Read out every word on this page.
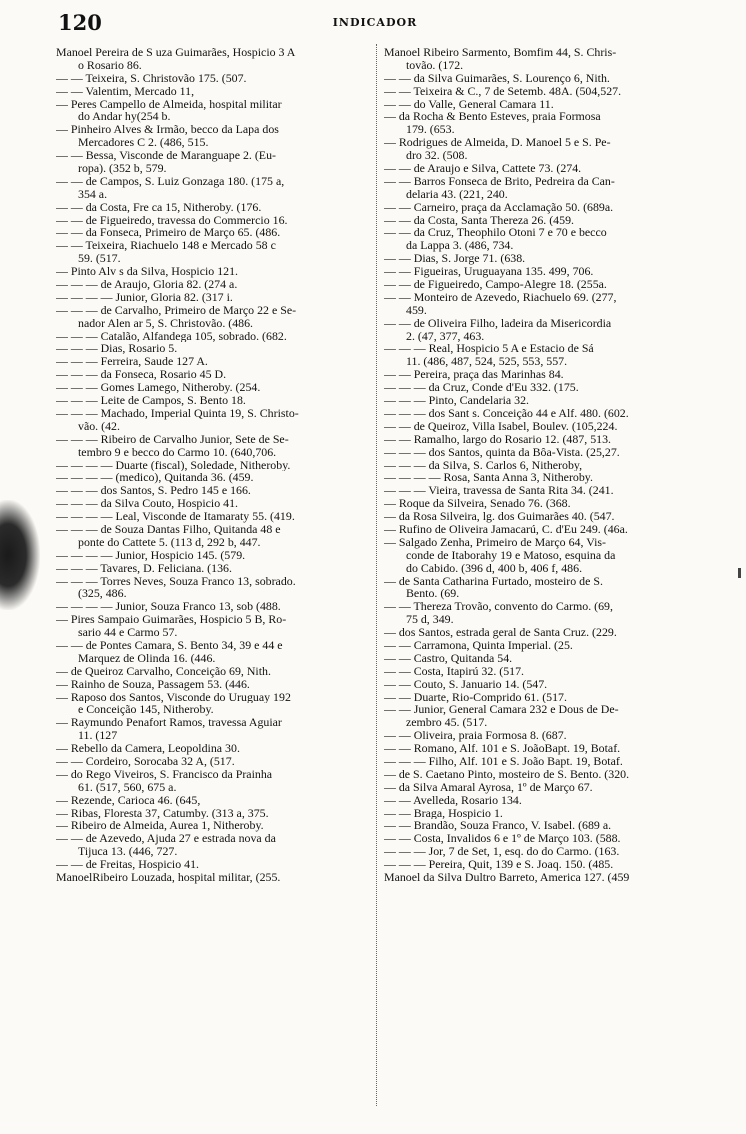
120	INDICADOR
Manoel Pereira de S uza Guimarães, Hospicio 3 A
o Rosario 86.
— — Teixeira, S. Christovão 175. (507.
— — Valentim, Mercado 11,
— Peres Campello de Almeida, hospital militar
do Andar hy(254 b.
— Pinheiro Alves & Irmão, becco da Lapa dos
Mercadores C 2. (486, 515.
— — Bessa, Visconde de Maranguape 2. (Eu-
ropa). (352 b, 579.
— — de Campos, S. Luiz Gonzaga 180. (175 a,
354 a.
— — da Costa, Fre ca 15, Nitheroby. (176.
— — de Figueiredo, travessa do Commercio 16.
— — da Fonseca, Primeiro de Março 65. (486.
— — Teixeira, Riachuelo 148 e Mercado 58 c
59. (517.
— Pinto Alv s da Silva, Hospicio 121.
— — — de Araujo, Gloria 82. (274 a.
— — — — Junior, Gloria 82. (317 i.
— — — de Carvalho, Primeiro de Março 22 e Se-
nador Alen ar 5, S. Christovão. (486.
— — — Catalão, Alfandega 105, sobrado. (682.
— — — Dias, Rosario 5.
— — — Ferreira, Saude 127 A.
— — — da Fonseca, Rosario 45 D.
— — — Gomes Lamego, Nitheroby. (254.
— — — Leite de Campos, S. Bento 18.
— — — Machado, Imperial Quinta 19, S. Christo-
vão. (42.
— — — Ribeiro de Carvalho Junior, Sete de Se-
tembro 9 e becco do Carmo 10. (640,706.
— — — — Duarte (fiscal), Soledade, Nitheroby.
— — — — (medico), Quitanda 36. (459.
— — — dos Santos, S. Pedro 145 e 166.
— — — da Silva Couto, Hospicio 41.
— — — — Leal, Visconde de Itamaraty 55. (419.
— — — de Souza Dantas Filho, Quitanda 48 e
ponte do Cattete 5. (113 d, 292 b, 447.
— — — — Junior, Hospicio 145. (579.
— — — Tavares, D. Feliciana. (136.
— — — Torres Neves, Souza Franco 13, sobrado.
(325, 486.
— — — — Junior, Souza Franco 13, sob (488.
— Pires Sampaio Guimarães, Hospicio 5 B, Ro-
sario 44 e Carmo 57.
— — de Pontes Camara, S. Bento 34, 39 e 44 e
Marquez de Olinda 16. (446.
— de Queiroz Carvalho, Conceição 69, Nith.
— Rainho de Souza, Passagem 53. (446.
— Raposo dos Santos, Visconde do Uruguay 192
e Conceição 145, Nitheroby.
— Raymundo Penafort Ramos, travessa Aguiar
11. (127
— Rebello da Camera, Leopoldina 30.
— — Cordeiro, Sorocaba 32 A, (517.
— do Rego Viveiros, S. Francisco da Prainha
61. (517, 560, 675 a.
— Rezende, Carioca 46. (645,
— Ribas, Floresta 37, Catumby. (313 a, 375.
— Ribeiro de Almeida, Aurea 1, Nitheroby.
— — de Azevedo, Ajuda 27 e estrada nova da
Tijuca 13. (446, 727.
— — de Freitas, Hospicio 41.
ManoelRibeiro Louzada, hospital militar, (255.
Manoel Ribeiro Sarmento, Bomfim 44, S. Chris-
tovão. (172.
— — da Silva Guimarães, S. Lourenço 6, Nith.
— — Teixeira & C., 7 de Setemb. 48A. (504,527.
— — do Valle, General Camara 11.
— da Rocha & Bento Esteves, praia Formosa
179. (653.
— Rodrigues de Almeida, D. Manoel 5 e S. Pe-
dro 32. (508.
— — de Araujo e Silva, Cattete 73. (274.
— — Barros Fonseca de Brito, Pedreira da Can-
delaria 43. (221, 240.
— — Carneiro, praça da Acclamação 50. (689a.
— — da Costa, Santa Thereza 26. (459.
— — da Cruz, Theophilo Otoni 7 e 70 e becco
da Lappa 3. (486, 734.
— — Dias, S. Jorge 71. (638.
— — Figueiras, Uruguayana 135. 499, 706.
— — de Figueiredo, Campo-Alegre 18. (255a.
— — Monteiro de Azevedo, Riachuelo 69. (277,
459.
— — de Oliveira Filho, ladeira da Misericordia
2. (47, 377, 463.
— — — Real, Hospicio 5 A e Estacio de Sá
11. (486, 487, 524, 525, 553, 557.
— — Pereira, praça das Marinhas 84.
— — — da Cruz, Conde d'Eu 332. (175.
— — — Pinto, Candelaria 32.
— — — dos Sant s. Conceição 44 e Alf. 480. (602.
— — de Queiroz, Villa Isabel, Boulev. (105,224.
— — Ramalho, largo do Rosario 12. (487, 513.
— — — dos Santos, quinta da Bôa-Vista. (25,27.
— — — da Silva, S. Carlos 6, Nitheroby,
— — — — Rosa, Santa Anna 3, Nitheroby.
— — — Vieira, travessa de Santa Rita 34. (241.
— Roque da Silveira, Senado 76. (368.
— da Rosa Silveira, lg. dos Guimarães 40. (547.
— Rufino de Oliveira Jamacarú, C. d'Eu 249. (46a.
— Salgado Zenha, Primeiro de Março 64, Vis-
conde de Itaborahy 19 e Matoso, esquina da
do Cabido. (396 d, 400 b, 406 f, 486.
— de Santa Catharina Furtado, mosteiro de S.
Bento. (69.
— — Thereza Trovão, convento do Carmo. (69,
75 d, 349.
— dos Santos, estrada geral de Santa Cruz. (229.
— — Carramona, Quinta Imperial. (25.
— — Castro, Quitanda 54.
— — Costa, Itapirú 32. (517.
— — Couto, S. Januario 14. (547.
— — Duarte, Rio-Comprido 61. (517.
— — Junior, General Camara 232 e Dous de De-
zembro 45. (517.
— — Oliveira, praia Formosa 8. (687.
— — Romano, Alf. 101 e S. JoãoBapt. 19, Botaf.
— — — Filho, Alf. 101 e S. João Bapt. 19, Botaf.
— de S. Caetano Pinto, mosteiro de S. Bento. (320.
— da Silva Amaral Ayrosa, 1º de Março 67.
— — Avelleda, Rosario 134.
— — Braga, Hospicio 1.
— — Brandão, Souza Franco, V. Isabel. (689 a.
— — Costa, Invalidos 6 e 1º de Março 103. (588.
— — — Jor, 7 de Set, 1, esq. do do Carmo. (163.
— — — Pereira, Quit, 139 e S. Joaq. 150. (485.
Manoel da Silva Dultro Barreto, America 127. (459
